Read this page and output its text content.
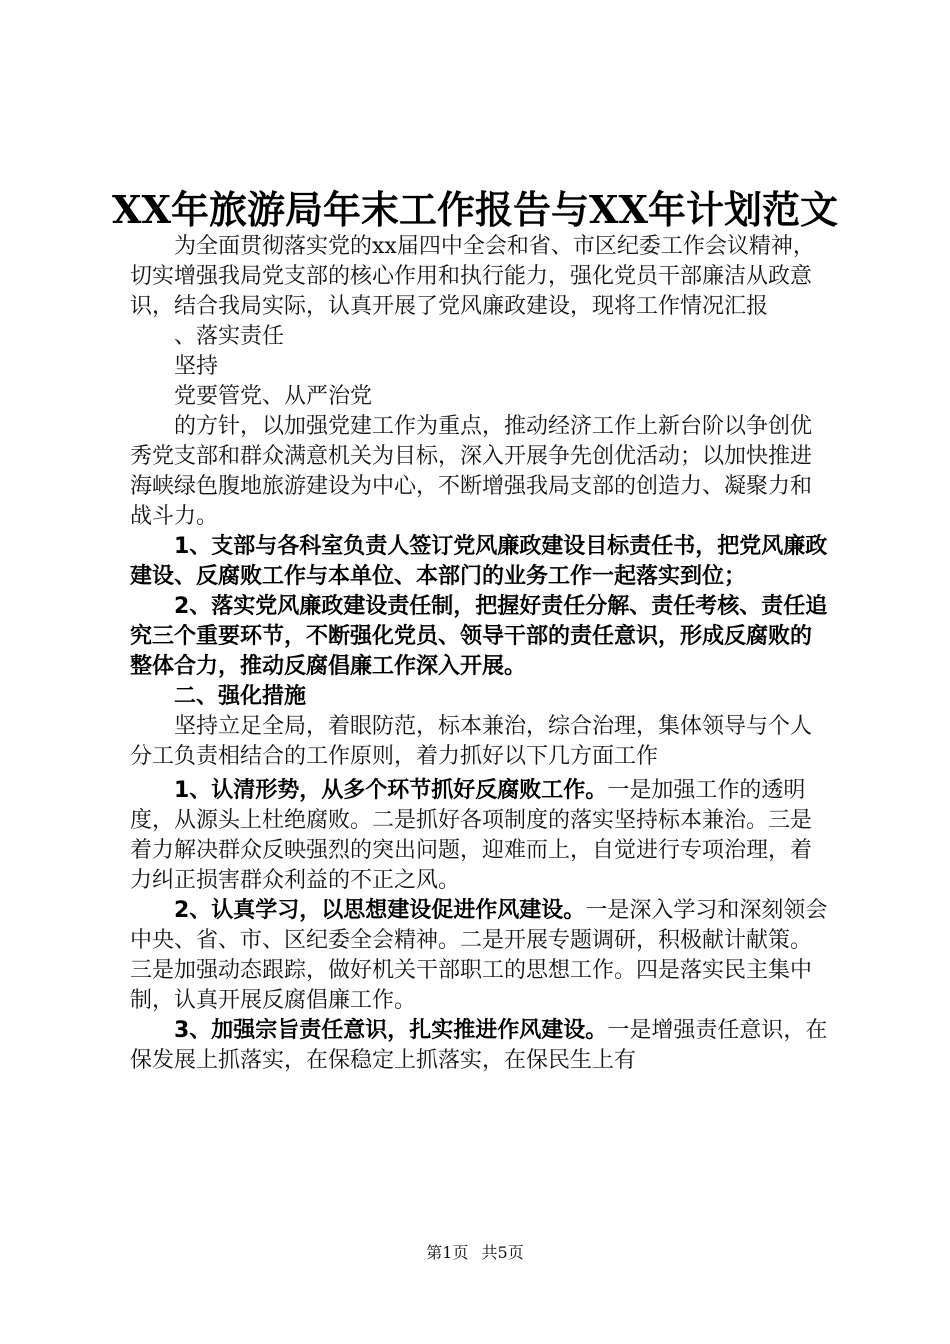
XX年旅游局年末工作报告与XX年计划范文

为全面贯彻落实党的xx届四中全会和省、市区纪委工作会议精神，切实增强我局党支部的核心作用和执行能力，强化党员干部廉洁从政意识，结合我局实际，认真开展了党风廉政建设，现将工作情况汇报

、落实责任

坚持

党要管党、从严治党

的方针，以加强党建工作为重点，推动经济工作上新台阶以争创优秀党支部和群众满意机关为目标，深入开展争先创优活动；以加快推进海峡绿色腹地旅游建设为中心，不断增强我局支部的创造力、凝聚力和战斗力。

1、支部与各科室负责人签订党风廉政建设目标责任书，把党风廉政建设、反腐败工作与本单位、本部门的业务工作一起落实到位；

2、落实党风廉政建设责任制，把握好责任分解、责任考核、责任追究三个重要环节，不断强化党员、领导干部的责任意识，形成反腐败的整体合力，推动反腐倡廉工作深入开展。

二、强化措施

坚持立足全局，着眼防范，标本兼治，综合治理，集体领导与个人分工负责相结合的工作原则，着力抓好以下几方面工作

1、认清形势，从多个环节抓好反腐败工作。一是加强工作的透明度，从源头上杜绝腐败。二是抓好各项制度的落实坚持标本兼治。三是着力解决群众反映强烈的突出问题，迎难而上，自觉进行专项治理，着力纠正损害群众利益的不正之风。

2、认真学习，以思想建设促进作风建设。一是深入学习和深刻领会中央、省、市、区纪委全会精神。二是开展专题调研，积极献计献策。三是加强动态跟踪，做好机关干部职工的思想工作。四是落实民主集中制，认真开展反腐倡廉工作。

3、加强宗旨责任意识，扎实推进作风建设。一是增强责任意识，在保发展上抓落实，在保稳定上抓落实，在保民生上有

第1页 共5页
